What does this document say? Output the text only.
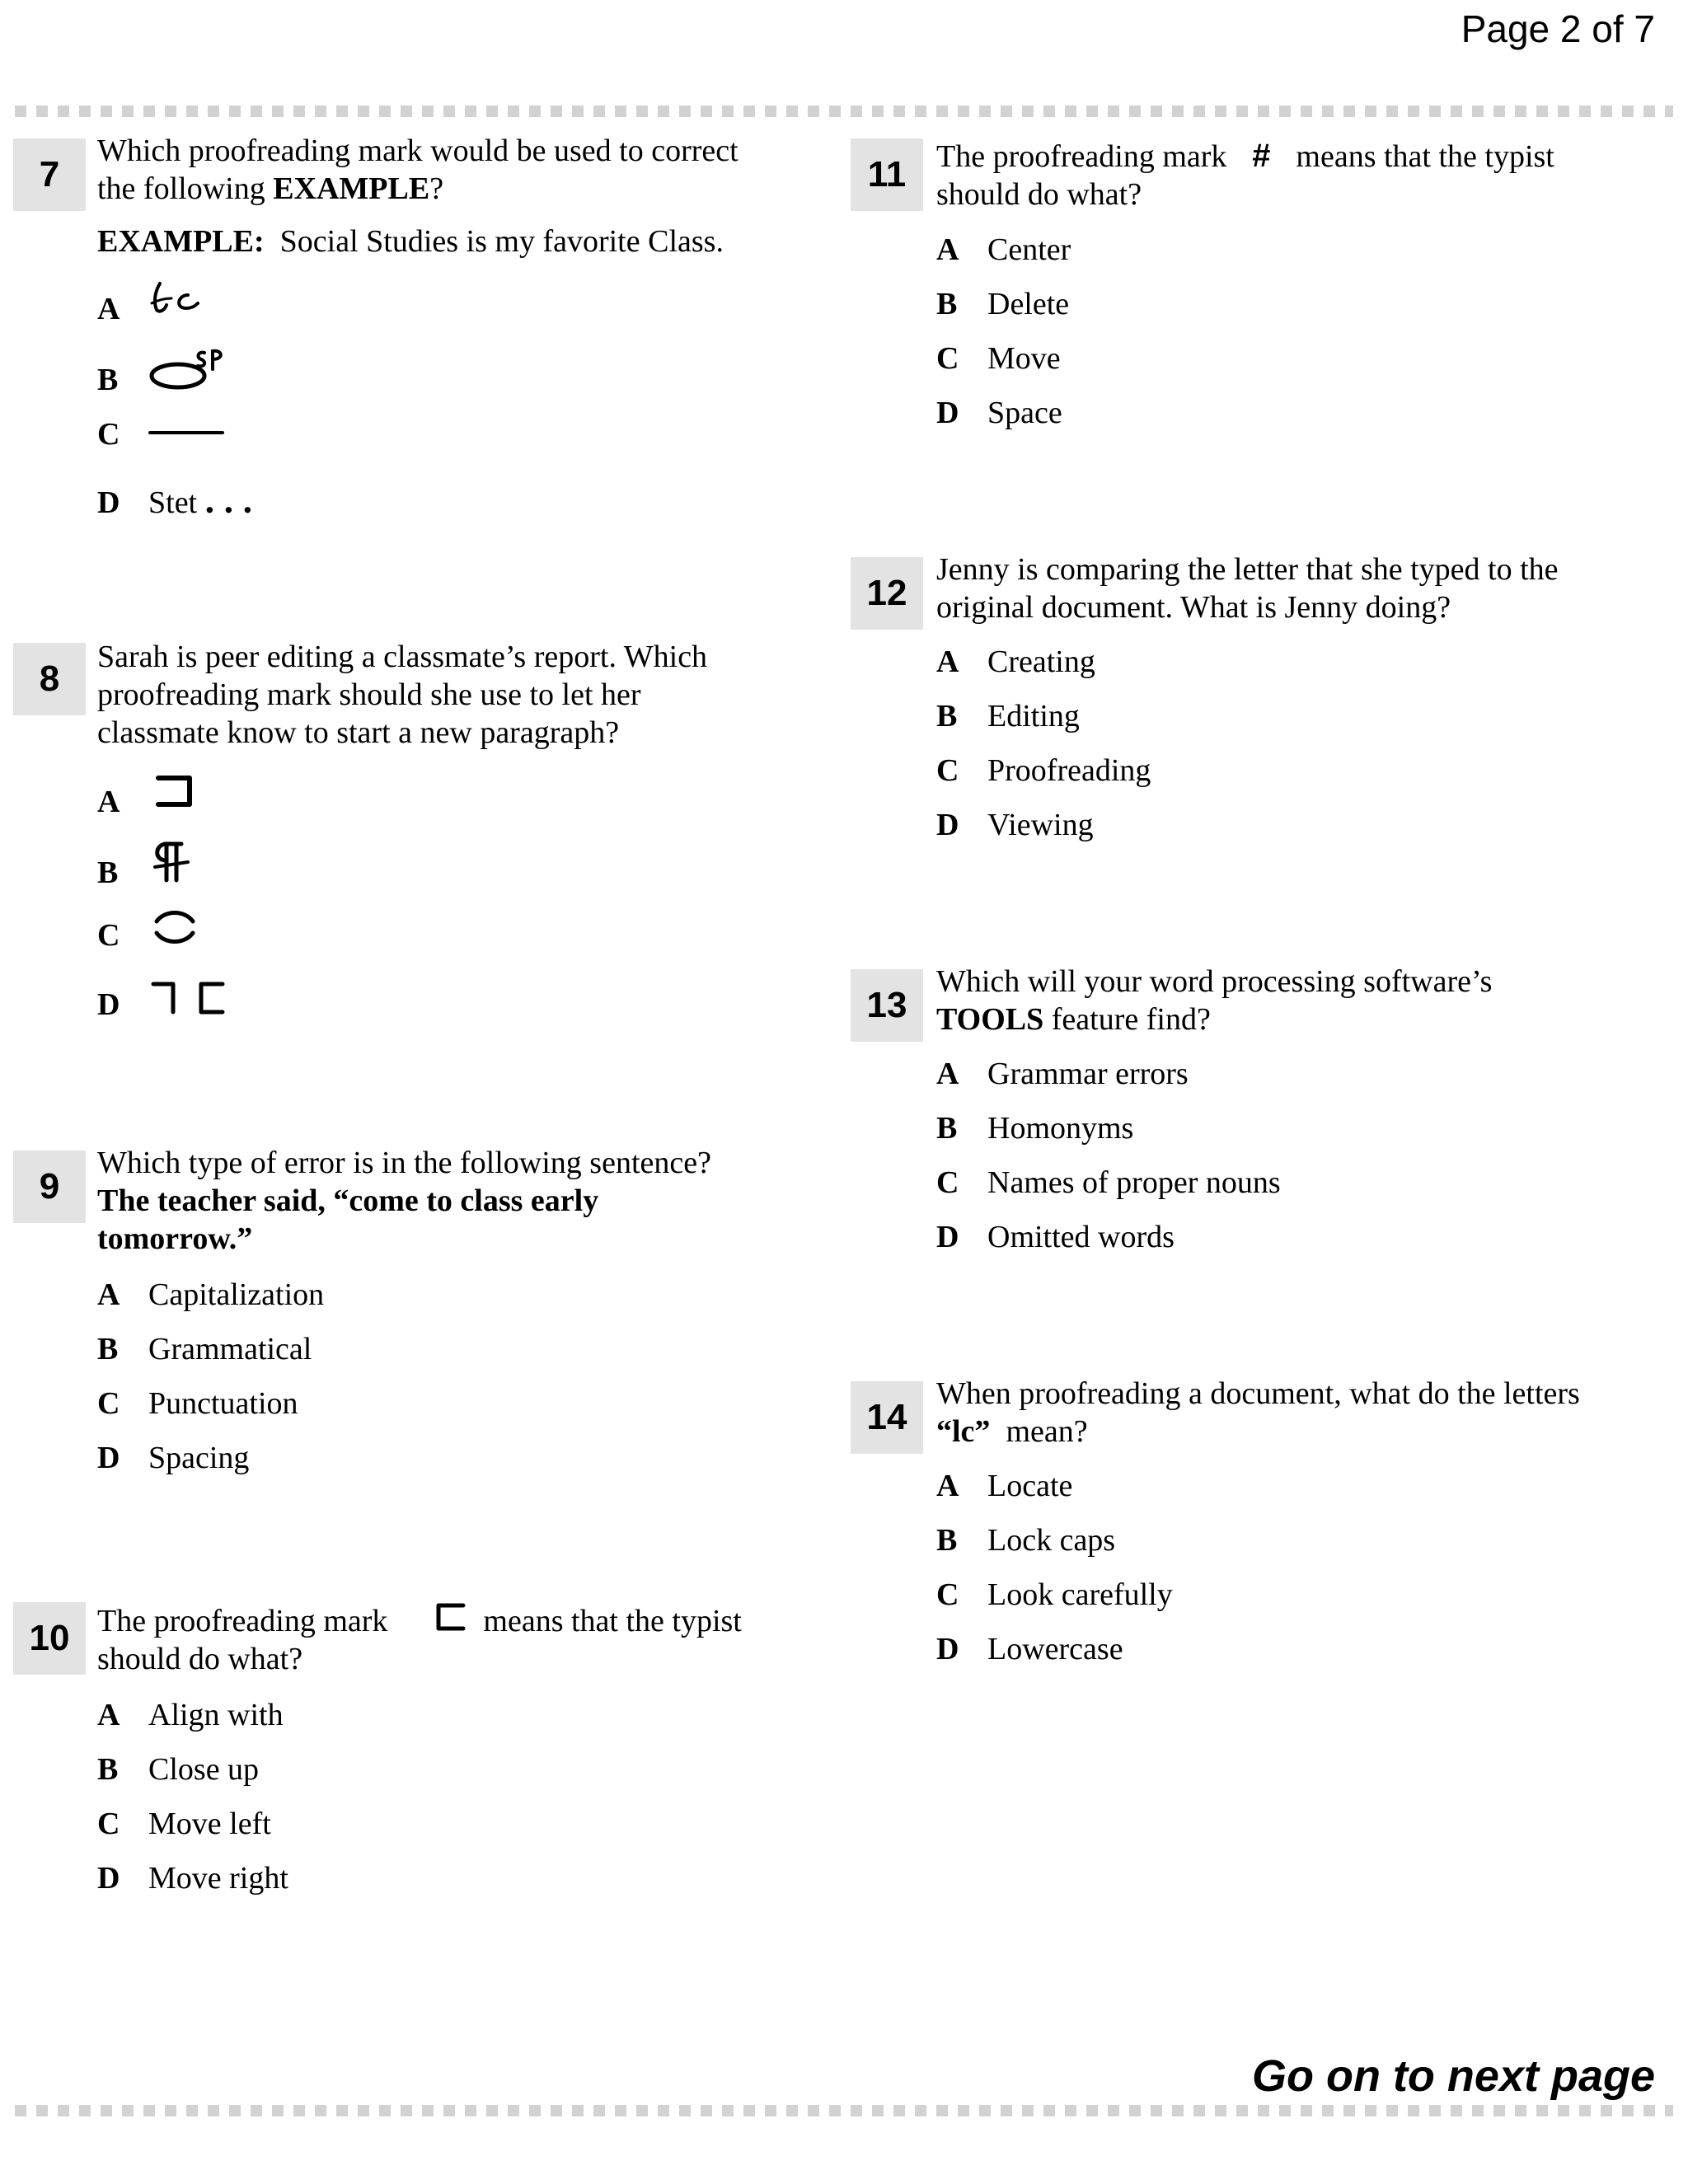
Page 2 of 7
7
Which proofreading mark would be used to correct
the following EXAMPLE?
EXAMPLE: Social Studies is my favorite Class.
A
B
C
D Stet . . .
8
Sarah is peer editing a classmate’s report. Which
proofreading mark should she use to let her
classmate know to start a new paragraph?
A
B
C
D
9
Which type of error is in the following sentence?
The teacher said, “come to class early
tomorrow.”
A Capitalization
B Grammatical
C Punctuation
D Spacing
10 The proofreading mark	means that the typist
should do what?
A Align with
B Close up
C Move left
D Move right
11 The proofreading mark # means that the typist
should do what?
A Center
B Delete
C Move
D Space
12
Jenny is comparing the letter that she typed to the
original document. What is Jenny doing?
A Creating
B Editing
C Proofreading
D Viewing
13
Which will your word processing software’s
TOOLS feature find?
A Grammar errors
B Homonyms
C Names of proper nouns
D Omitted words
14
When proofreading a document, what do the letters
“lc”  mean?
A Locate
B Lock caps
C Look carefully
D Lowercase
Go on to next page
